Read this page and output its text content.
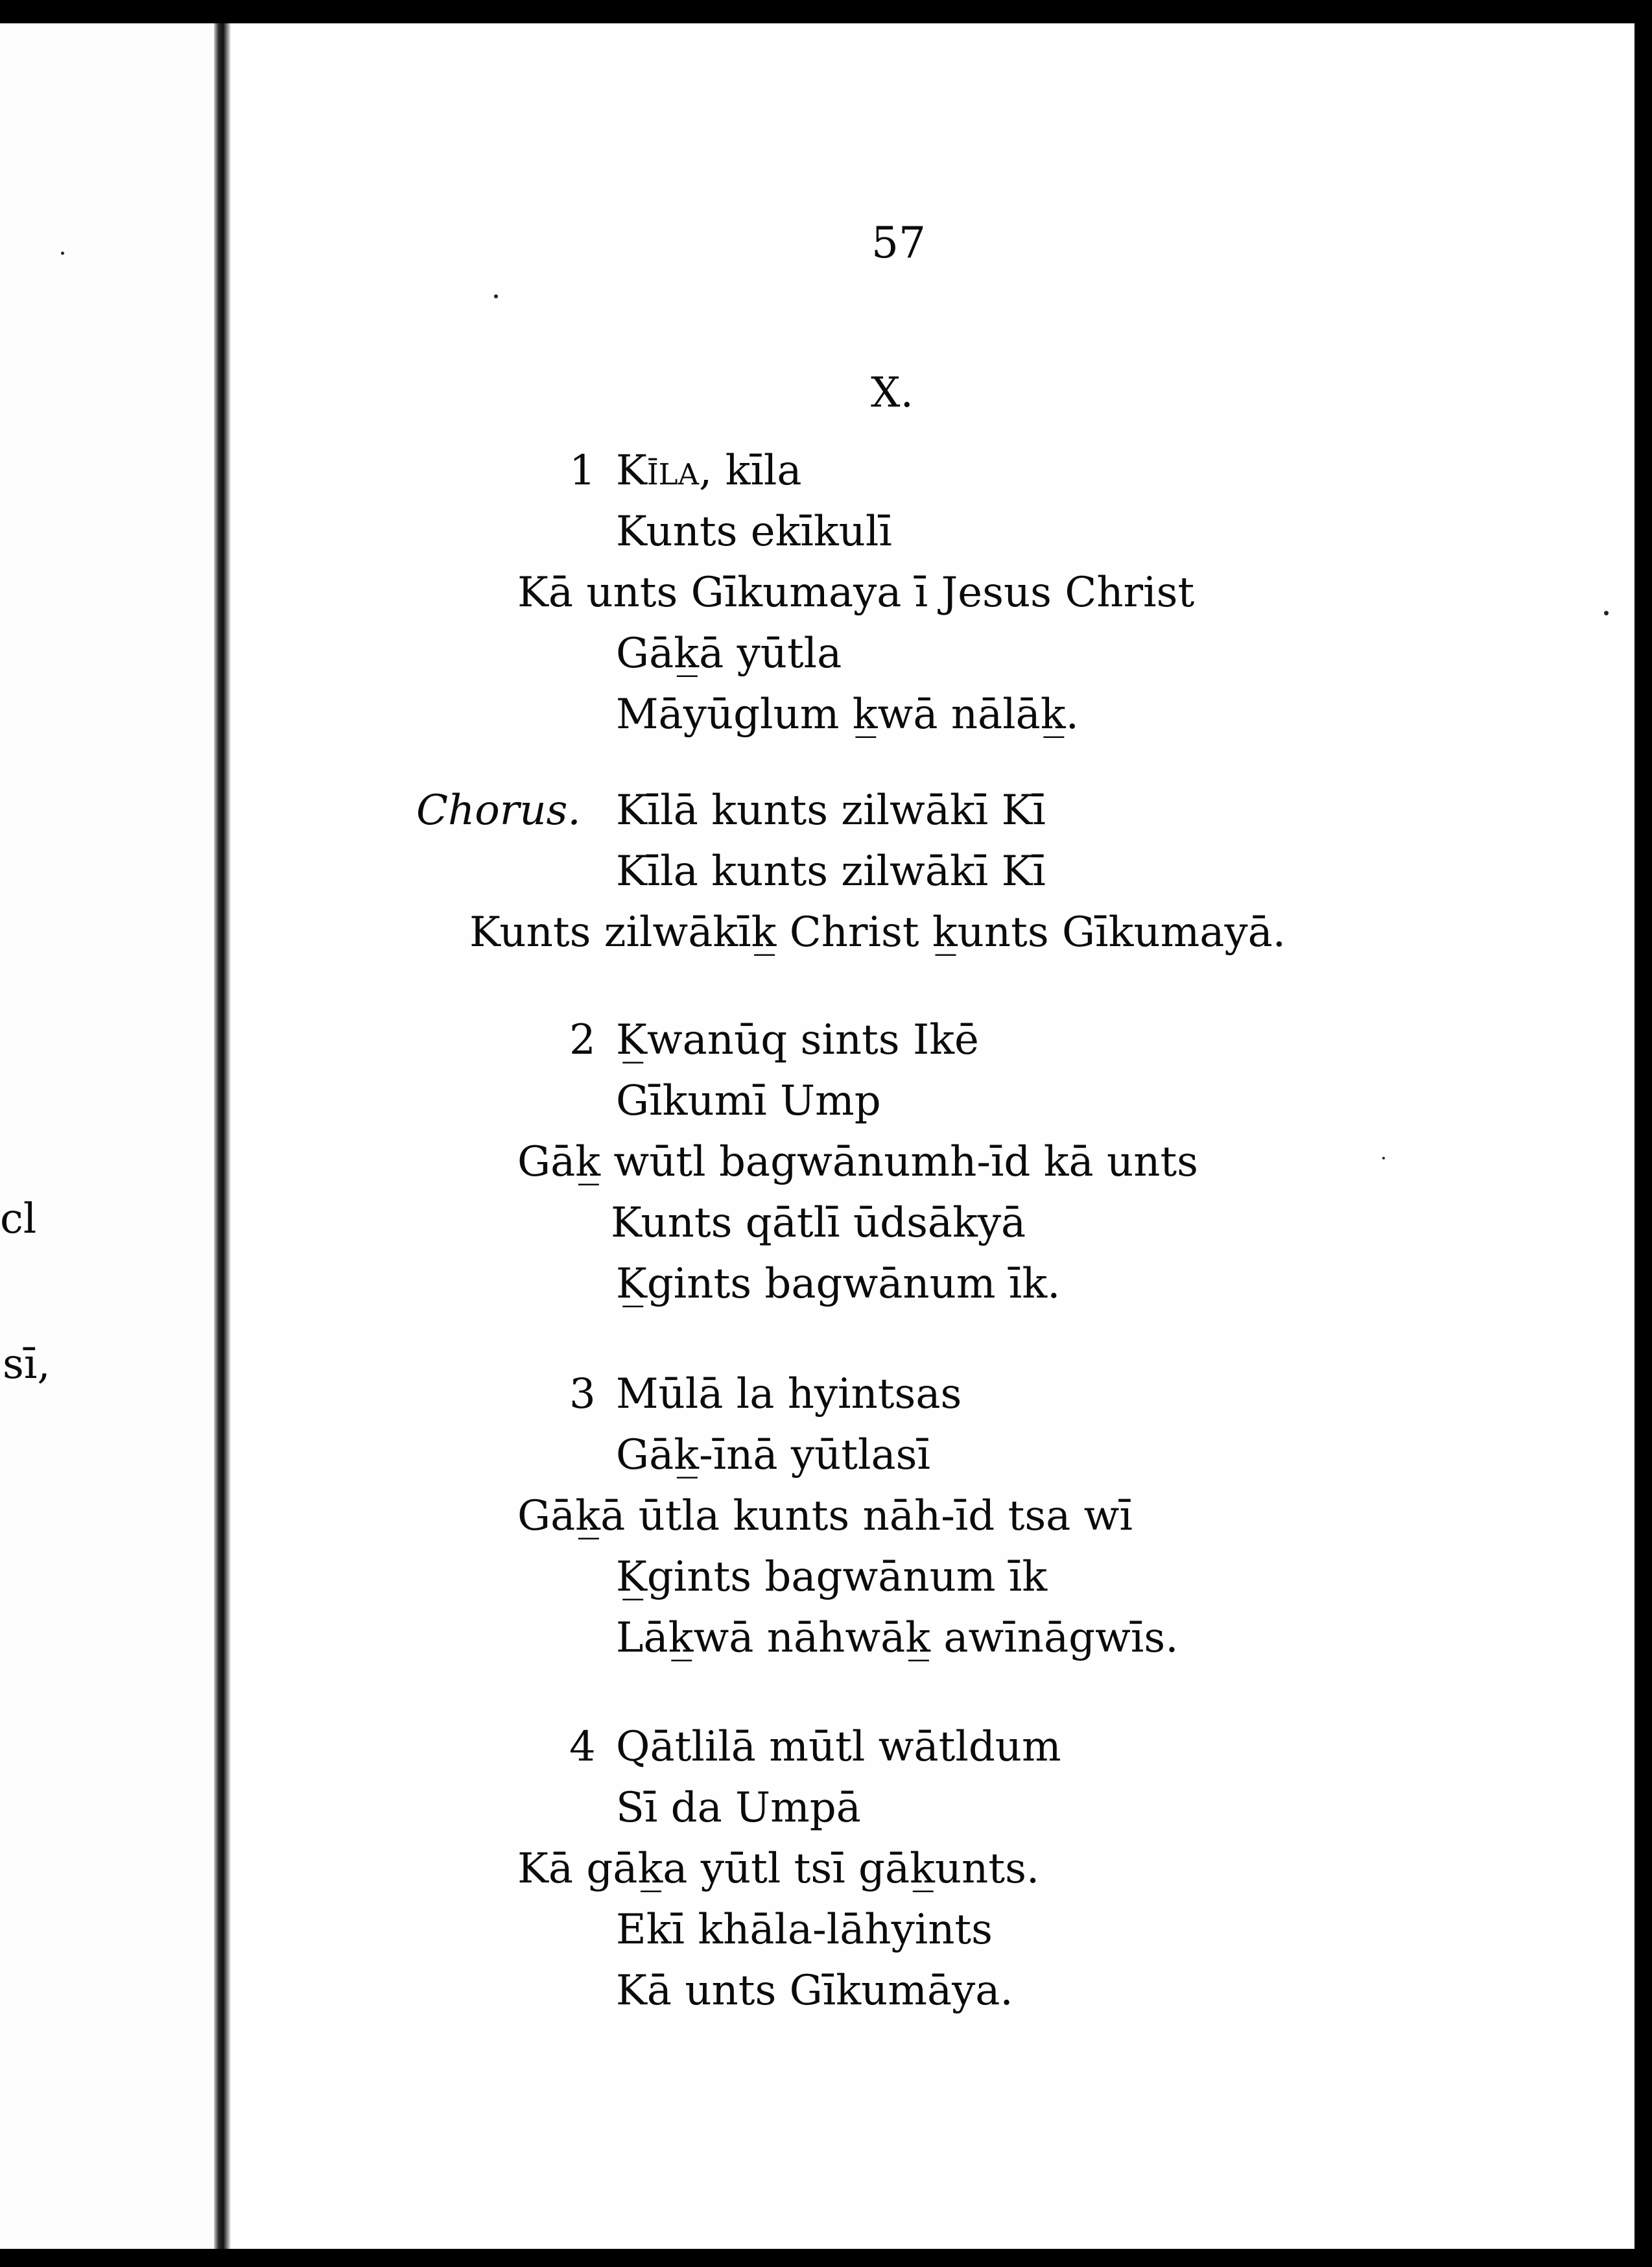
cl
sī,
57
X.
1 Kīla, kīla
Kunts ekīkulī
Kā unts Gīkumaya ī Jesus Christ
Gāk̲ā yūtla
Māyūglum k̲wā nālāk̲.
Chorus. Kīlā kunts zilwākī Kī
Kīla kunts zilwākī Kī
Kunts zilwākīk̲ Christ k̲unts Gīkumayā.
2 K̲wanūq sints Ikē
Gīkumī Ump
Gāk̲ wūtl bagwānumh-īd kā unts
Kunts qātlī ūdsākyā
K̲gints bagwānum īk.
3 Mūlā la hyintsas
Gāk̲-īnā yūtlasī
Gāk̲ā ūtla kunts nāh-īd tsa wī
K̲gints bagwānum īk
Lāk̲wā nāhwāk̲ awīnāgwīs.
4 Qātlilā mūtl wātldum
Sī da Umpā
Kā gāk̲a yūtl tsī gāk̲unts.
Ekī khāla-lāhyints
Kā unts Gīkumāya.
